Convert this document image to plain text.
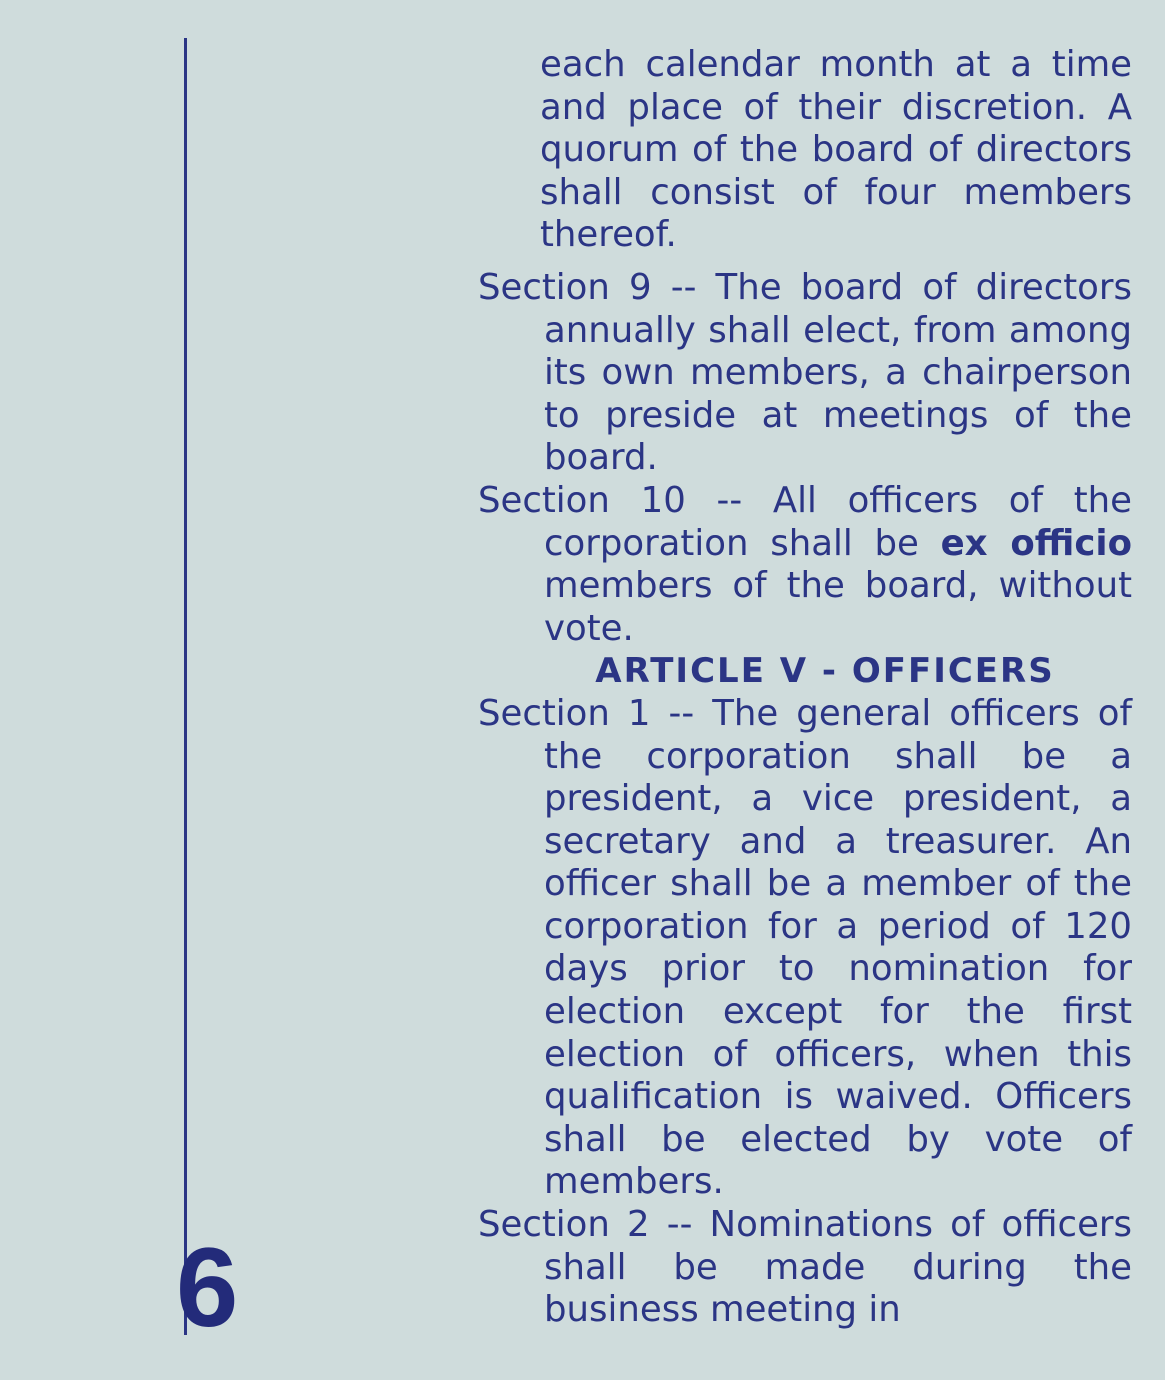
6

each calendar month at a time and place of their discretion. A quorum of the board of directors shall consist of four members thereof.

Section 9 -- The board of directors annually shall elect, from among its own members, a chairperson to preside at meetings of the board.

Section 10 -- All officers of the corporation shall be ex officio members of the board, without vote.

ARTICLE V - OFFICERS

Section 1 -- The general officers of the corporation shall be a president, a vice president, a secretary and a treasurer. An officer shall be a member of the corporation for a period of 120 days prior to nomination for election except for the first election of officers, when this qualification is waived. Officers shall be elected by vote of members.

Section 2 -- Nominations of officers shall be made during the business meeting in
